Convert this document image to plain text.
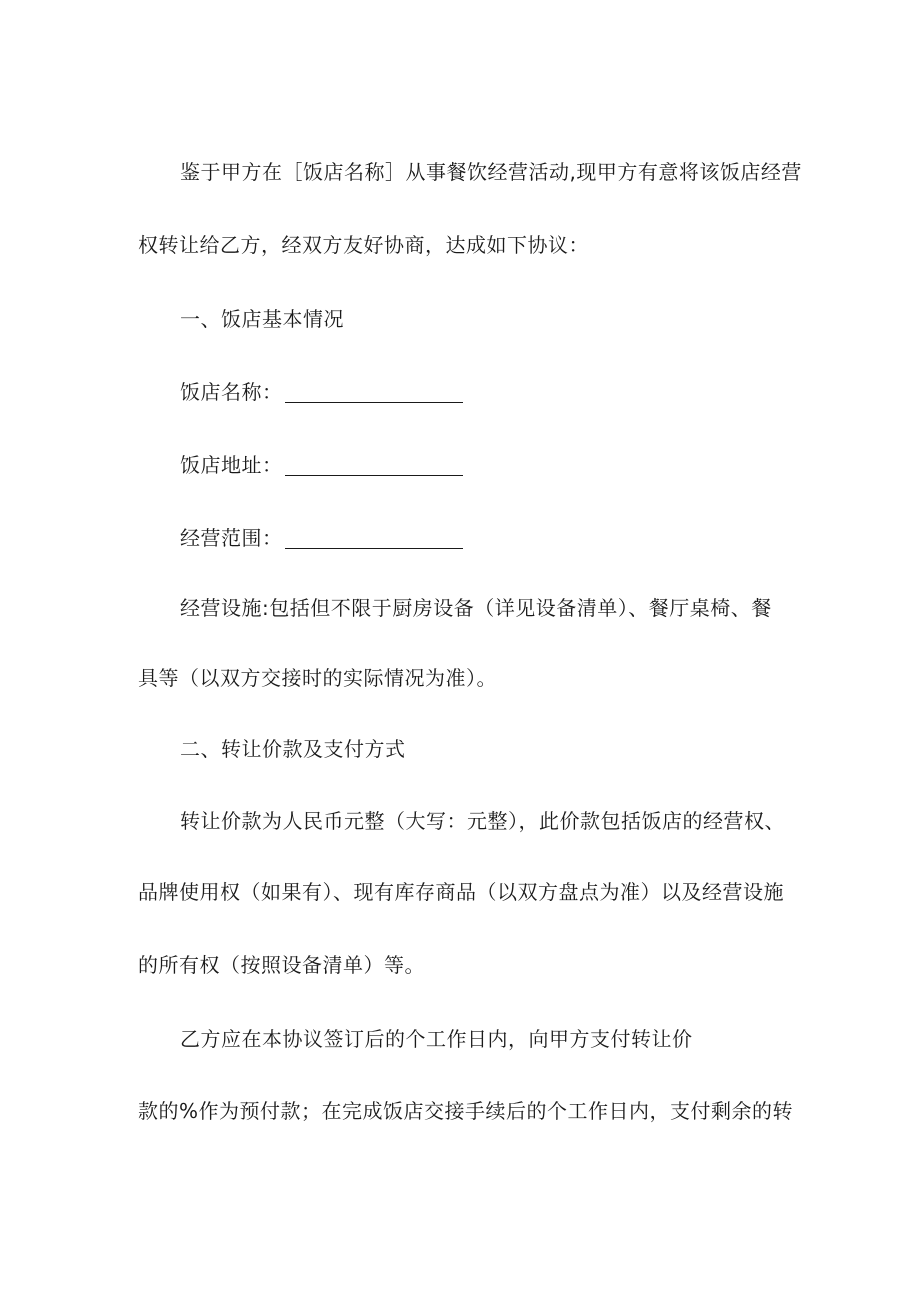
鉴于甲方在［饭店名称］从事餐饮经营活动,现甲方有意将该饭店经营
权转让给乙方，经双方友好协商，达成如下协议：
一、饭店基本情况
饭店名称：
饭店地址：
经营范围：
经营设施:包括但不限于厨房设备（详见设备清单）、餐厅桌椅、餐
具等（以双方交接时的实际情况为准）。
二、转让价款及支付方式
转让价款为人民币元整（大写：元整），此价款包括饭店的经营权、
品牌使用权（如果有）、现有库存商品（以双方盘点为准）以及经营设施
的所有权（按照设备清单）等。
乙方应在本协议签订后的个工作日内，向甲方支付转让价
款的%作为预付款；在完成饭店交接手续后的个工作日内，支付剩余的转
